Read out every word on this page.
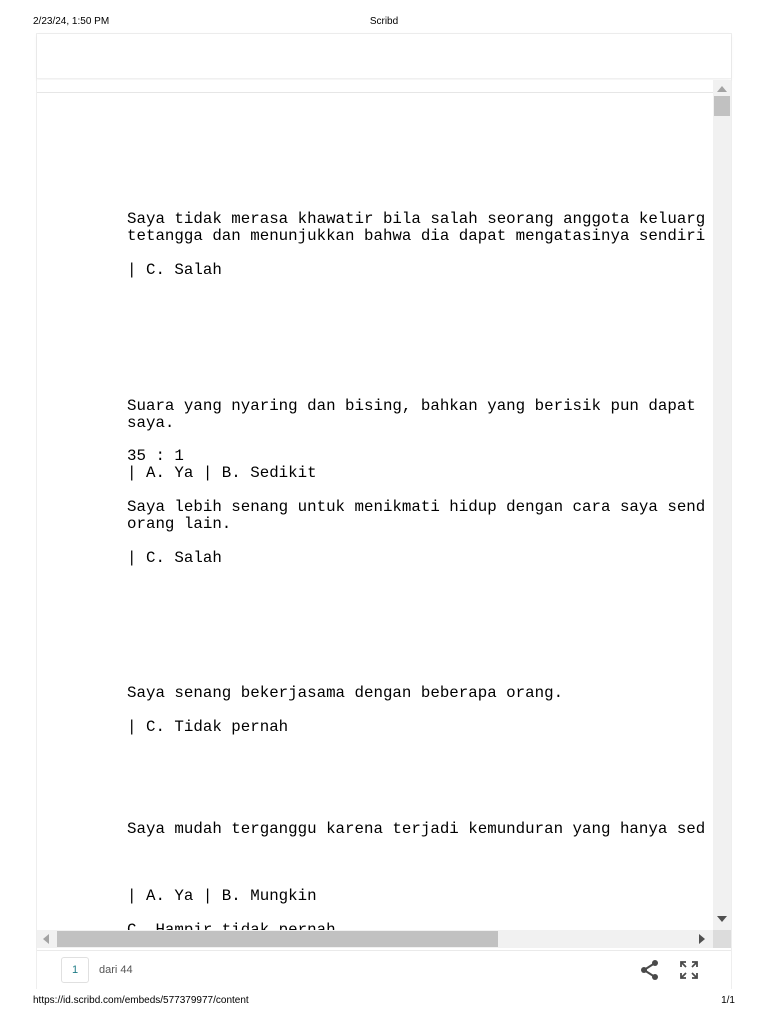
2/23/24, 1:50 PM	Scribd
Saya tidak merasa khawatir bila salah seorang anggota keluarg
tetangga dan menunjukkan bahwa dia dapat mengatasinya sendiri
| C. Salah
Suara yang nyaring dan bising, bahkan yang berisik pun dapat
saya.
35 : 1
| A. Ya | B. Sedikit
Saya lebih senang untuk menikmati hidup dengan cara saya send
orang lain.
| C. Salah
Saya senang bekerjasama dengan beberapa orang.
| C. Tidak pernah
Saya mudah terganggu karena terjadi kemunduran yang hanya sed
| A. Ya | B. Mungkin
1	dari 44
https://id.scribd.com/embeds/577379977/content	1/1
